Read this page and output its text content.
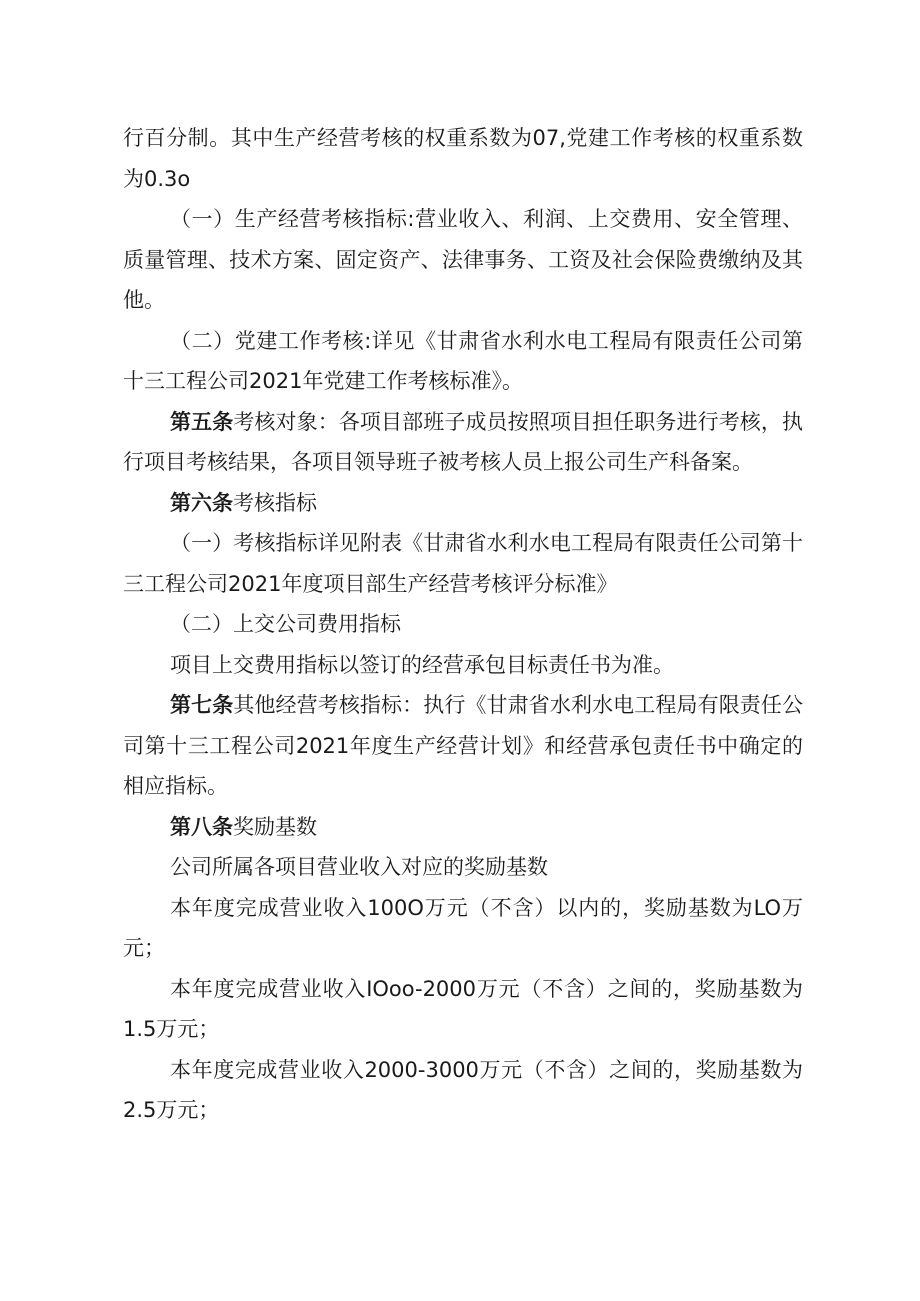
行百分制。其中生产经营考核的权重系数为07,党建工作考核的权重系数为0.3o

（一）生产经营考核指标:营业收入、利润、上交费用、安全管理、质量管理、技术方案、固定资产、法律事务、工资及社会保险费缴纳及其他。

（二）党建工作考核:详见《甘肃省水利水电工程局有限责任公司第十三工程公司2021年党建工作考核标准》。

第五条考核对象：各项目部班子成员按照项目担任职务进行考核，执行项目考核结果，各项目领导班子被考核人员上报公司生产科备案。

第六条考核指标

（一）考核指标详见附表《甘肃省水利水电工程局有限责任公司第十三工程公司2021年度项目部生产经营考核评分标准》

（二）上交公司费用指标

项目上交费用指标以签订的经营承包目标责任书为准。

第七条其他经营考核指标：执行《甘肃省水利水电工程局有限责任公司第十三工程公司2021年度生产经营计划》和经营承包责任书中确定的相应指标。

第八条奖励基数

公司所属各项目营业收入对应的奖励基数

本年度完成营业收入100O万元（不含）以内的，奖励基数为LO万元；

本年度完成营业收入IOoo-2000万元（不含）之间的，奖励基数为1.5万元；

本年度完成营业收入2000-3000万元（不含）之间的，奖励基数为2.5万元；
